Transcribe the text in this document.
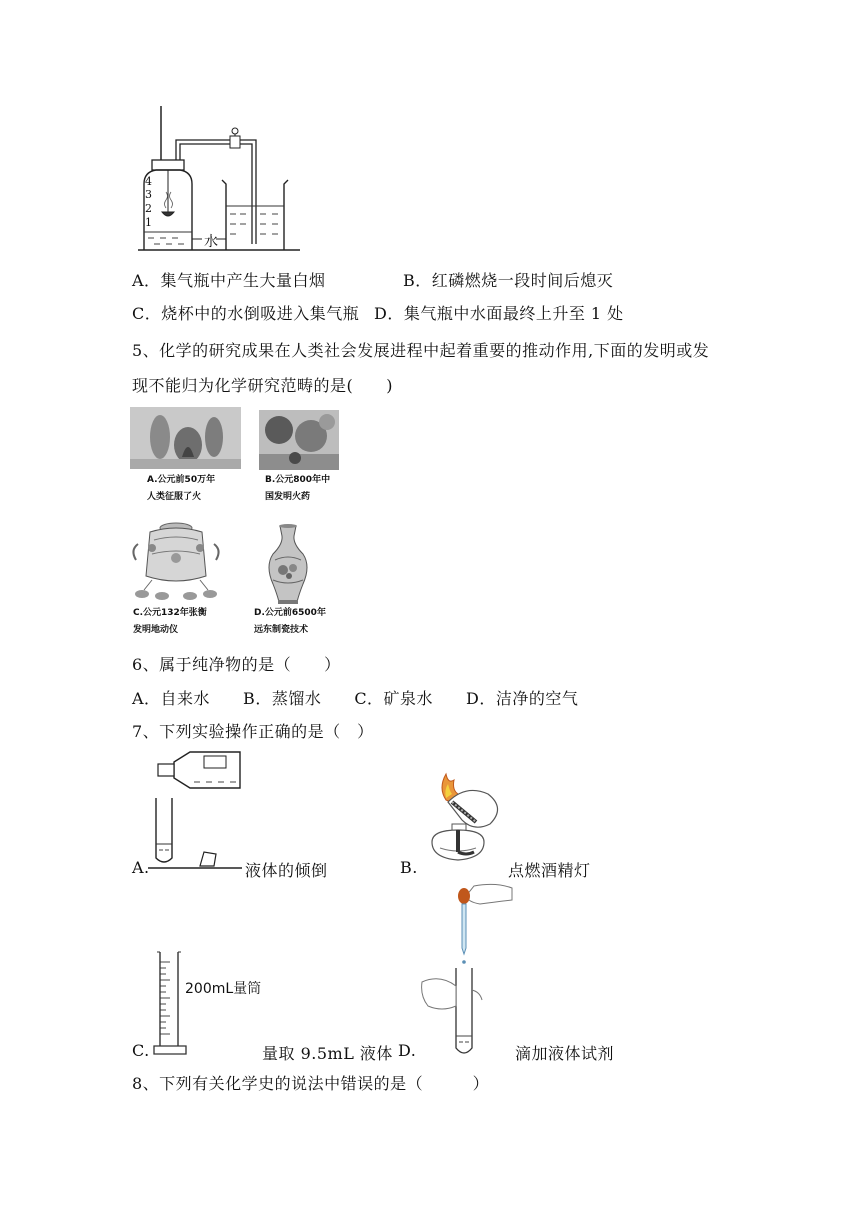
4
3
2
1
水
A．集气瓶中产生大量白烟	B．红磷燃烧一段时间后熄灭
C．烧杯中的水倒吸进入集气瓶 D．集气瓶中水面最终上升至 1 处
5、化学的研究成果在人类社会发展进程中起着重要的推动作用,下面的发明或发
现不能归为化学研究范畴的是(　　)
A.公元前50万年
人类征服了火
B.公元800年中
国发明火药
C.公元132年张衡
发明地动仪
D.公元前6500年
远东制瓷技术
6、属于纯净物的是（　　）
A．自来水　　B．蒸馏水　　C．矿泉水　　D．洁净的空气
7、下列实验操作正确的是（　）
A.	液体的倾倒	B.	点燃酒精灯
200mL量筒
C.	量取 9.5mL 液体 D.	滴加液体试剂
8、下列有关化学史的说法中错误的是（　　　）
